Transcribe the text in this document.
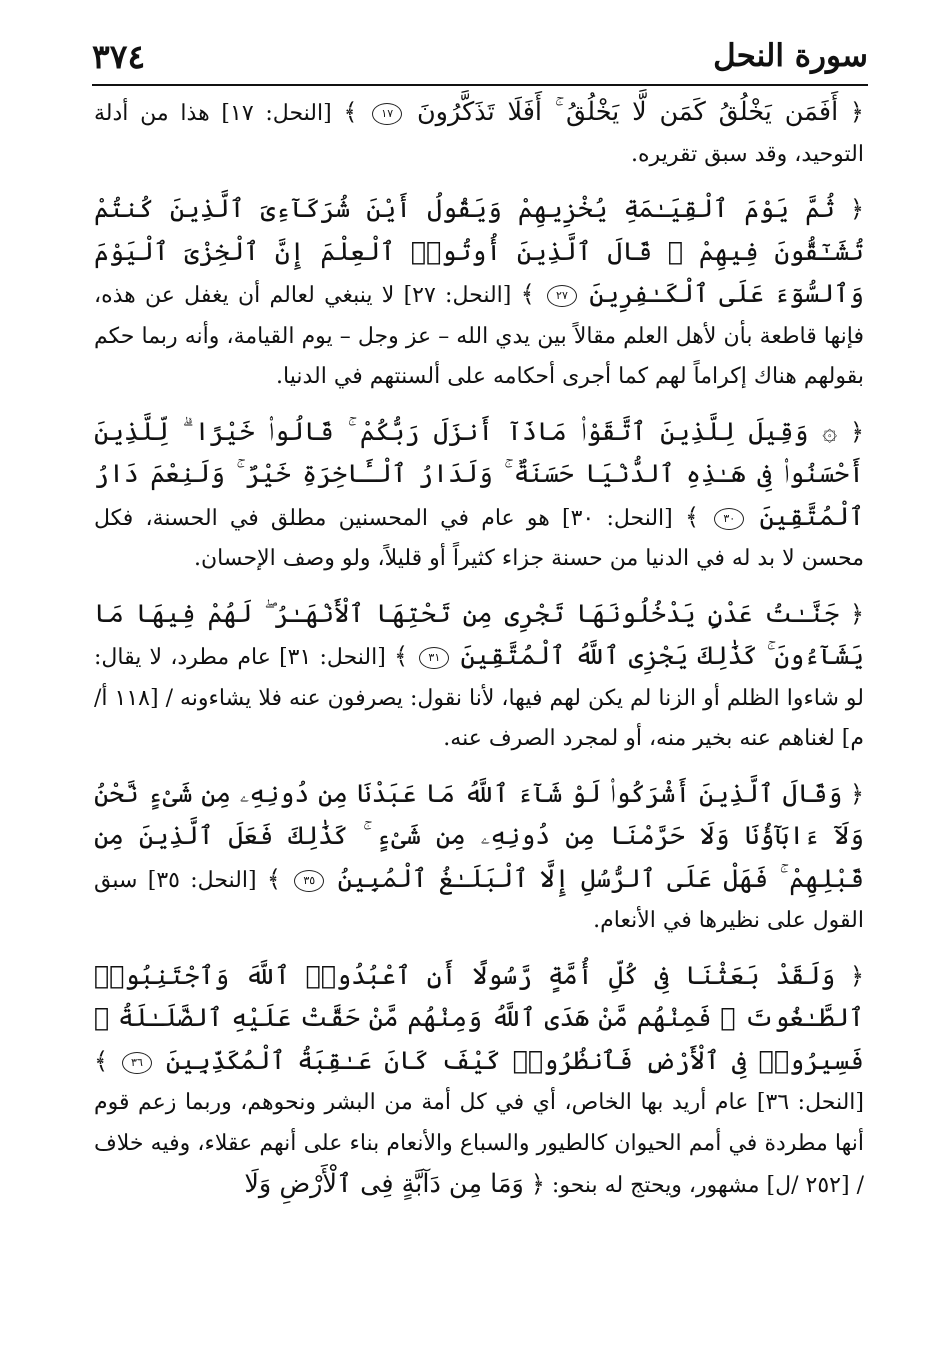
٣٧٤	سورة النحل

﴿ أَفَمَن يَخْلُقُ كَمَن لَّا يَخْلُقُ ۚ أَفَلَا تَذَكَّرُونَ ١٧ ﴾ [النحل: ١٧] هذا من أدلة التوحيد، وقد سبق تقريره.

﴿ ثُمَّ يَوْمَ ٱلْقِيَـٰمَةِ يُخْزِيهِمْ وَيَقُولُ أَيْنَ شُرَكَآءِىَ ٱلَّذِينَ كُنتُمْ تُشَـٰٓقُّونَ فِيهِمْ ۚ قَالَ ٱلَّذِينَ أُوتُوا۟ ٱلْعِلْمَ إِنَّ ٱلْخِزْىَ ٱلْيَوْمَ وَٱلسُّوٓءَ عَلَى ٱلْكَـٰفِرِينَ ٢٧ ﴾ [النحل: ٢٧] لا ينبغي لعالم أن يغفل عن هذه، فإنها قاطعة بأن لأهل العلم مقالاً بين يدي الله – عز وجل – يوم القيامة، وأنه ربما حكم بقولهم هناك إكراماً لهم كما أجرى أحكامه على ألسنتهم في الدنيا.

﴿ ۞ وَقِيلَ لِلَّذِينَ ٱتَّقَوْا۟ مَاذَآ أَنزَلَ رَبُّكُمْ ۚ قَالُوا۟ خَيْرًا ۗ لِّلَّذِينَ أَحْسَنُوا۟ فِى هَـٰذِهِ ٱلدُّنْيَا حَسَنَةٌ ۚ وَلَدَارُ ٱلْـَٔاخِرَةِ خَيْرٌ ۚ وَلَنِعْمَ دَارُ ٱلْمُتَّقِينَ ٣٠ ﴾ [النحل: ٣٠] هو عام في المحسنين مطلق في الحسنة، فكل محسن لا بد له في الدنيا من حسنة جزاء كثيراً أو قليلاً، ولو وصف الإحسان.

﴿ جَنَّـٰتُ عَدْنٍ يَدْخُلُونَهَا تَجْرِى مِن تَحْتِهَا ٱلْأَنْهَـٰرُ ۖ لَهُمْ فِيهَا مَا يَشَآءُونَ ۚ كَذَٰلِكَ يَجْزِى ٱللَّهُ ٱلْمُتَّقِينَ ٣١ ﴾ [النحل: ٣١] عام مطرد، لا يقال: لو شاءوا الظلم أو الزنا لم يكن لهم فيها، لأنا نقول: يصرفون عنه فلا يشاءونه / [١١٨ أ/ م] لغناهم عنه بخير منه، أو لمجرد الصرف عنه.

﴿ وَقَالَ ٱلَّذِينَ أَشْرَكُوا۟ لَوْ شَآءَ ٱللَّهُ مَا عَبَدْنَا مِن دُونِهِۦ مِن شَىْءٍ نَّحْنُ وَلَآ ءَابَآؤُنَا وَلَا حَرَّمْنَا مِن دُونِهِۦ مِن شَىْءٍ ۚ كَذَٰلِكَ فَعَلَ ٱلَّذِينَ مِن قَبْلِهِمْ ۚ فَهَلْ عَلَى ٱلرُّسُلِ إِلَّا ٱلْبَلَـٰغُ ٱلْمُبِينُ ٣٥ ﴾ [النحل: ٣٥] سبق القول على نظيرها في الأنعام.

﴿ وَلَقَدْ بَعَثْنَا فِى كُلِّ أُمَّةٍ رَّسُولًا أَنِ ٱعْبُدُوا۟ ٱللَّهَ وَٱجْتَنِبُوا۟ ٱلطَّـٰغُوتَ ۖ فَمِنْهُم مَّنْ هَدَى ٱللَّهُ وَمِنْهُم مَّنْ حَقَّتْ عَلَيْهِ ٱلضَّلَـٰلَةُ ۚ فَسِيرُوا۟ فِى ٱلْأَرْضِ فَٱنظُرُوا۟ كَيْفَ كَانَ عَـٰقِبَةُ ٱلْمُكَذِّبِينَ ٣٦ ﴾ [النحل: ٣٦] عام أريد بها الخاص، أي في كل أمة من البشر ونحوهم، وربما زعم قوم أنها مطردة في أمم الحيوان كالطيور والسباع والأنعام بناء على أنهم عقلاء، وفيه خلاف / [٢٥٢ /ل] مشهور، ويحتج له بنحو: ﴿ وَمَا مِن دَآبَّةٍ فِى ٱلْأَرْضِ وَلَا
